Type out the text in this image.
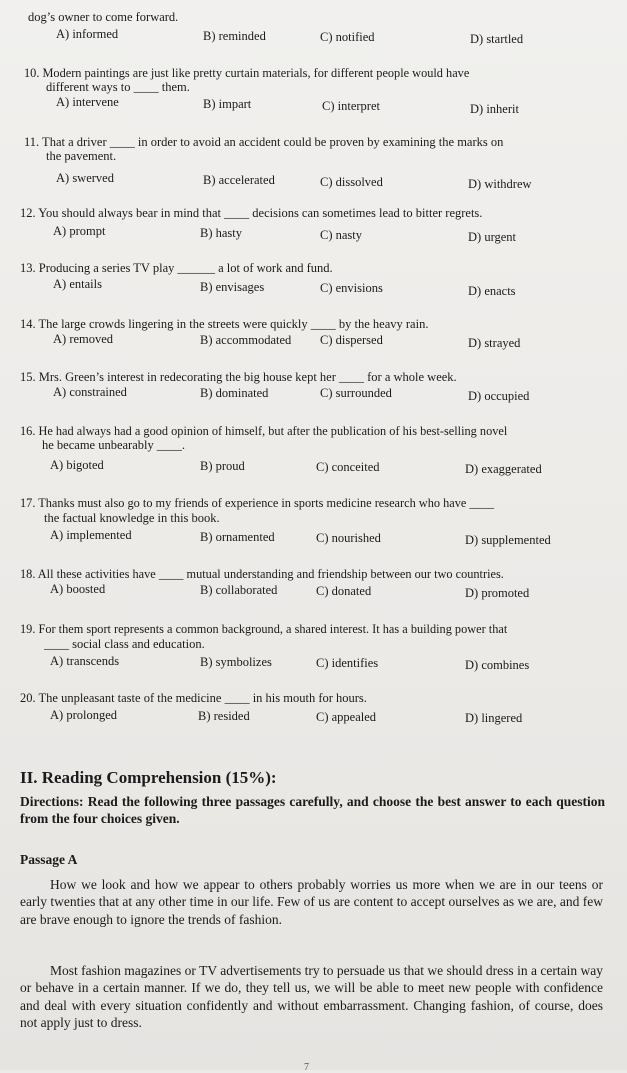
dog’s owner to come forward.
A) informed	B) reminded	C) notified	D) startled
10. Modern paintings are just like pretty curtain materials, for different people would have
different ways to ____ them.
A) intervene	B) impart	C) interpret	D) inherit
11. That a driver ____ in order to avoid an accident could be proven by examining the marks on
the pavement.
A) swerved	B) accelerated	C) dissolved	D) withdrew
12. You should always bear in mind that ____ decisions can sometimes lead to bitter regrets.
A) prompt	B) hasty	C) nasty	D) urgent
13. Producing a series TV play ______ a lot of work and fund.
A) entails	B) envisages	C) envisions	D) enacts
14. The large crowds lingering in the streets were quickly ____ by the heavy rain.
A) removed	B) accommodated C) dispersed	D) strayed
15. Mrs. Green’s interest in redecorating the big house kept her ____ for a whole week.
A) constrained	B) dominated	C) surrounded	D) occupied
16. He had always had a good opinion of himself, but after the publication of his best-selling novel
he became unbearably ____.
A) bigoted	B) proud	C) conceited	D) exaggerated
17. Thanks must also go to my friends of experience in sports medicine research who have ____
the factual knowledge in this book.
A) implemented	B) ornamented	C) nourished	D) supplemented
18. All these activities have ____ mutual understanding and friendship between our two countries.
A) boosted	B) collaborated	C) donated	D) promoted
19. For them sport represents a common background, a shared interest. It has a building power that
____ social class and education.
A) transcends	B) symbolizes	C) identifies	D) combines
20. The unpleasant taste of the medicine ____ in his mouth for hours.
A) prolonged	B) resided	C) appealed	D) lingered
II. Reading Comprehension (15%):
Directions: Read the following three passages carefully, and choose the best answer to each question from the four choices given.
Passage A
How we look and how we appear to others probably worries us more when we are in our teens or early twenties that at any other time in our life. Few of us are content to accept ourselves as we are, and few are brave enough to ignore the trends of fashion.
Most fashion magazines or TV advertisements try to persuade us that we should dress in a certain way or behave in a certain manner. If we do, they tell us, we will be able to meet new people with confidence and deal with every situation confidently and without embarrassment. Changing fashion, of course, does not apply just to dress.
7
